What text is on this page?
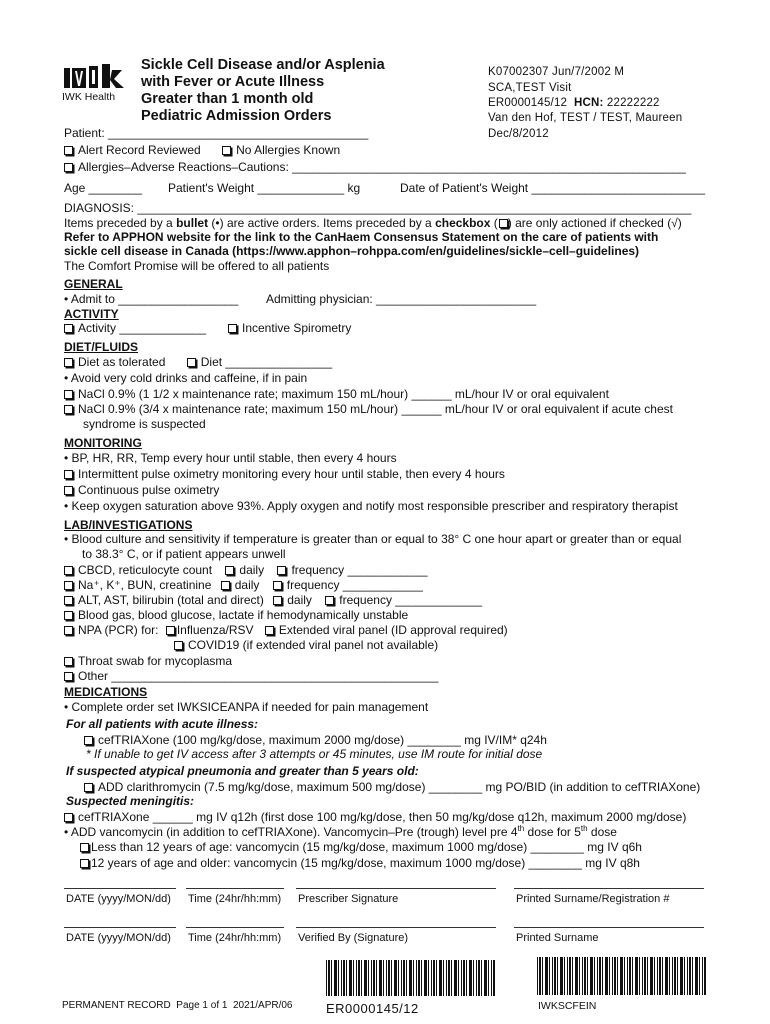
IWK Health
Sickle Cell Disease and/or Asplenia
with Fever or Acute Illness
Greater than 1 month old
Pediatric Admission Orders
K07002307 Jun/7/2002 M
SCA,TEST Visit
ER0000145/12 HCN: 22222222
Van den Hof, TEST / TEST, Maureen
Dec/8/2012
Patient: _______________________________________
Alert Record Reviewed	No Allergies Known
Allergies–Adverse Reactions–Cautions: ___________________________________________________________
Age ________ Patient's Weight _____________ kg	Date of Patient's Weight __________________________
DIAGNOSIS: ___________________________________________________________________________________
Items preceded by a bullet (•) are active orders. Items preceded by a checkbox ( ) are only actioned if checked (√)
Refer to APPHON website for the link to the CanHaem Consensus Statement on the care of patients with
sickle cell disease in Canada (https://www.apphon–rohppa.com/en/guidelines/sickle–cell–guidelines)
The Comfort Promise will be offered to all patients
GENERAL
• Admit to __________________ Admitting physician: ________________________
ACTIVITY
Activity _____________	Incentive Spirometry
DIET/FLUIDS
Diet as tolerated	Diet ________________
• Avoid very cold drinks and caffeine, if in pain
NaCl 0.9% (1 1/2 x maintenance rate; maximum 150 mL/hour) ______ mL/hour IV or oral equivalent
NaCl 0.9% (3/4 x maintenance rate; maximum 150 mL/hour) ______ mL/hour IV or oral equivalent if acute chest
syndrome is suspected
MONITORING
• BP, HR, RR, Temp every hour until stable, then every 4 hours
Intermittent pulse oximetry monitoring every hour until stable, then every 4 hours
Continuous pulse oximetry
• Keep oxygen saturation above 93%. Apply oxygen and notify most responsible prescriber and respiratory therapist
LAB/INVESTIGATIONS
• Blood culture and sensitivity if temperature is greater than or equal to 38° C one hour apart or greater than or equal
to 38.3° C, or if patient appears unwell
CBCD, reticulocyte count daily frequency ____________
Na⁺, K⁺, BUN, creatinine daily frequency ____________
ALT, AST, bilirubin (total and direct) daily frequency _____________
Blood gas, blood glucose, lactate if hemodynamically unstable
NPA (PCR) for: Influenza/RSV Extended viral panel (ID approval required)
COVID19 (if extended viral panel not available)
Throat swab for mycoplasma
Other _________________________________________________
MEDICATIONS
• Complete order set IWKSICEANPA if needed for pain management
For all patients with acute illness:
cefTRIAXone (100 mg/kg/dose, maximum 2000 mg/dose) ________ mg IV/IM* q24h
* If unable to get IV access after 3 attempts or 45 minutes, use IM route for initial dose
If suspected atypical pneumonia and greater than 5 years old:
ADD clarithromycin (7.5 mg/kg/dose, maximum 500 mg/dose) ________ mg PO/BID (in addition to cefTRIAXone)
Suspected meningitis:
cefTRIAXone ______ mg IV q12h (first dose 100 mg/kg/dose, then 50 mg/kg/dose q12h, maximum 2000 mg/dose)
• ADD vancomycin (in addition to cefTRIAXone). Vancomycin–Pre (trough) level pre 4th dose for 5th dose
Less than 12 years of age: vancomycin (15 mg/kg/dose, maximum 1000 mg/dose) ________ mg IV q6h
12 years of age and older: vancomycin (15 mg/kg/dose, maximum 1000 mg/dose) ________ mg IV q8h
DATE (yyyy/MON/dd) Time (24hr/hh:mm) Prescriber Signature	Printed Surname/Registration #
DATE (yyyy/MON/dd) Time (24hr/hh:mm) Verified By (Signature)	Printed Surname
PERMANENT RECORD Page 1 of 1 2021/APR/06	ER0000145/12	IWKSCFEIN
